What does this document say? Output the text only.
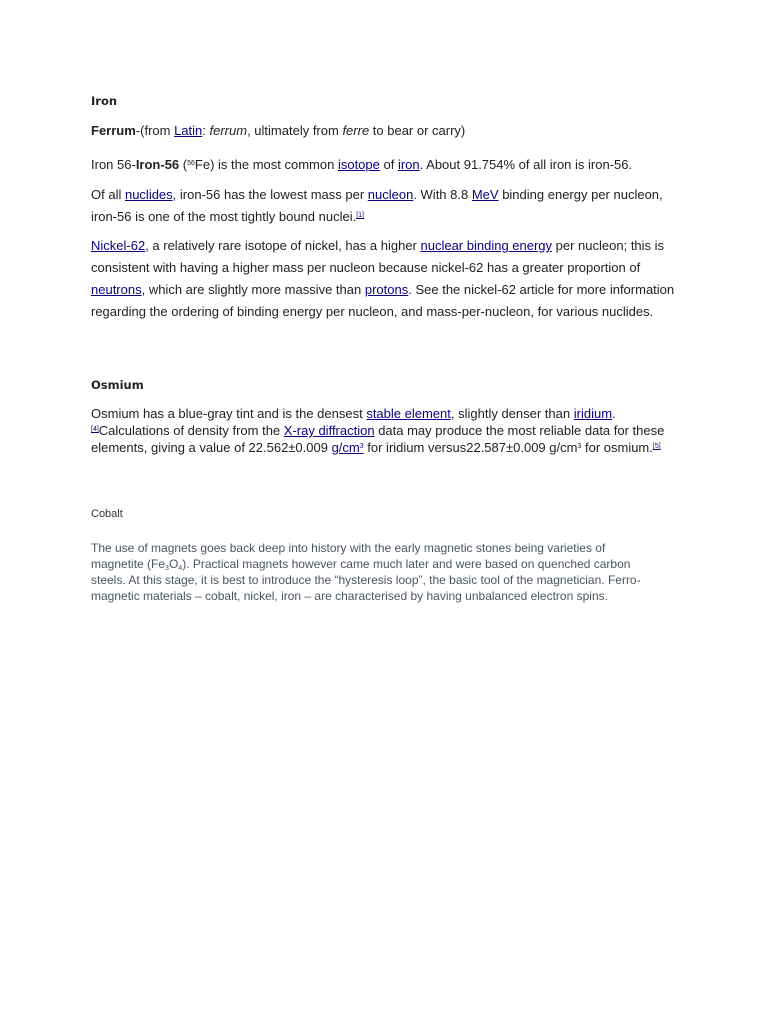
Iron
Ferrum-(from Latin: ferrum, ultimately from ferre to bear or carry)
Iron 56-Iron-56 ($^{56}$Fe) is the most common isotope of iron. About 91.754% of all iron is iron-56.
Of all nuclides, iron-56 has the lowest mass per nucleon. With 8.8 MeV binding energy per nucleon, iron-56 is one of the most tightly bound nuclei.[1]
Nickel-62, a relatively rare isotope of nickel, has a higher nuclear binding energy per nucleon; this is consistent with having a higher mass per nucleon because nickel-62 has a greater proportion of neutrons, which are slightly more massive than protons. See the nickel-62 article for more information regarding the ordering of binding energy per nucleon, and mass-per-nucleon, for various nuclides.
Osmium
Osmium has a blue-gray tint and is the densest stable element, slightly denser than iridium.[4]Calculations of density from the X-ray diffraction data may produce the most reliable data for these elements, giving a value of 22.562±0.009 $g/cm^3$ for iridium versus22.587±0.009 $g/cm^3$ for osmium.[5]
Cobalt
The use of magnets goes back deep into history with the early magnetic stones being varieties of magnetite $(Fe_3O_4)$. Practical magnets however came much later and were based on quenched carbon steels. At this stage, it is best to introduce the “hysteresis loop”, the basic tool of the magnetician. Ferro-magnetic materials – cobalt, nickel, iron – are characterised by having unbalanced electron spins.
